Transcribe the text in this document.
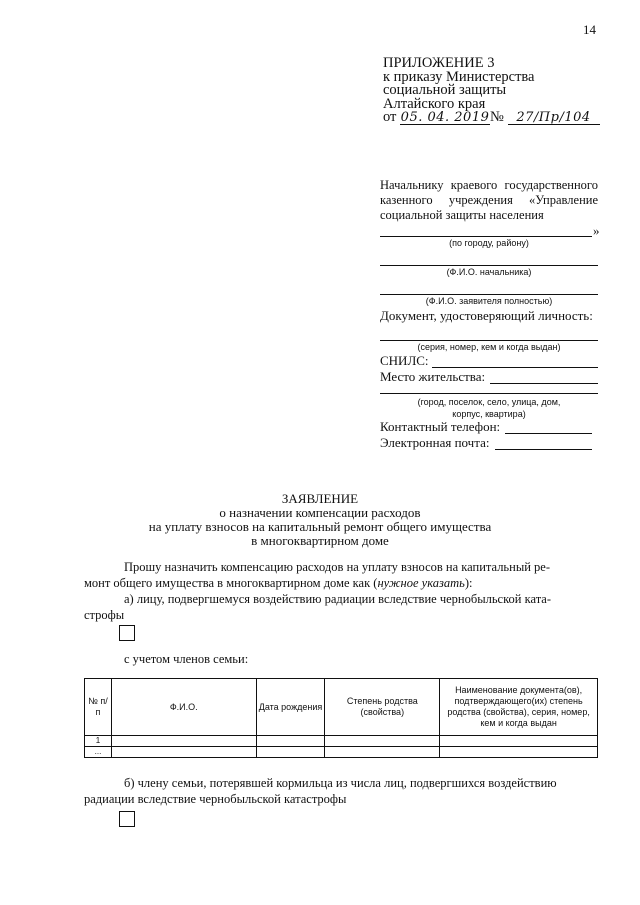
14
ПРИЛОЖЕНИЕ 3
к приказу Министерства
социальной защиты
Алтайского края
от 05. 04. 2019№ 27/Пр/104
Начальнику краевого государственного казенного учреждения «Управление социальной защиты населения
»
(по городу, району)
(Ф.И.О. начальника)
(Ф.И.О. заявителя полностью)
Документ, удостоверяющий личность:
(серия, номер, кем и когда выдан)
СНИЛС:
Место жительства:
(город, поселок, село, улица, дом,
корпус, квартира)
Контактный телефон:
Электронная почта:
ЗАЯВЛЕНИЕ
о назначении компенсации расходов
на уплату взносов на капитальный ремонт общего имущества
в многоквартирном доме
Прошу назначить компенсацию расходов на уплату взносов на капитальный ре-
монт общего имущества в многоквартирном доме как (нужное указать):
а) лицу, подвергшемуся воздействию радиации вследствие чернобыльской ката-
строфы
с учетом членов семьи:
№ п/п	Ф.И.О.	Дата рождения	Степень родства (свойства)	Наименование документа(ов), подтверждающего(их) степень родства (свойства), серия, номер, кем и когда выдан
1				
...				
б) члену семьи, потерявшей кормильца из числа лиц, подвергшихся воздействию
радиации вследствие чернобыльской катастрофы
